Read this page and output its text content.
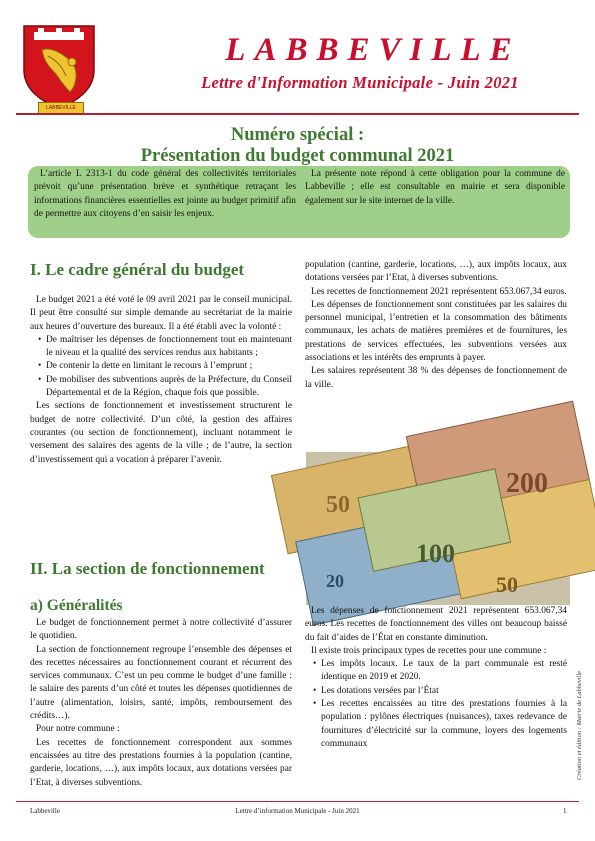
LABBEVILLE
LABBEVILLE
Lettre d'Information Municipale - Juin 2021
Numéro spécial :
Présentation du budget communal 2021

L’article L 2313-1 du code général des collectivités territoriales prévoit qu’une présentation brève et synthétique retraçant les informations financières essentielles est jointe au budget primitif afin de permettre aux citoyens d’en saisir les enjeux.

La présente note répond à cette obligation pour la commune de Labbeville ; elle est consultable en mairie et sera disponible également sur le site internet de la ville.

I. Le cadre général du budget

Le budget 2021 a été voté le 09 avril 2021 par le conseil municipal. Il peut être consulté sur simple demande au secrétariat de la mairie aux heures d’ouverture des bureaux. Il a été établi avec la volonté :

• De maîtriser les dépenses de fonctionnement tout en maintenant le niveau et la qualité des services rendus aux habitants ;
• De contenir la dette en limitant le recours à l’emprunt ;
• De mobiliser des subventions auprès de la Préfecture, du Conseil Départemental et de la Région, chaque fois que possible.

Les sections de fonctionnement et investissement structurent le budget de notre collectivité. D’un côté, la gestion des affaires courantes (ou section de fonctionnement), incluant notamment le versement des salaires des agents de la ville ; de l’autre, la section d’investissement qui a vocation à préparer l’avenir.

II. La section de fonctionnement
a) Généralités

Le budget de fonctionnement permet à notre collectivité d’assurer le quotidien.

La section de fonctionnement regroupe l’ensemble des dépenses et des recettes nécessaires au fonctionnement courant et récurrent des services communaux. C’est un peu comme le budget d’une famille : le salaire des parents d’un côté et toutes les dépenses quotidiennes de l’autre (alimentation, loisirs, santé, impôts, remboursement des crédits…).

Pour notre commune :

Les recettes de fonctionnement correspondent aux sommes encaissées au titre des prestations fournies à la population (cantine, garderie, locations, …), aux impôts locaux, aux dotations versées par l’Etat, à diverses subventions.

population (cantine, garderie, locations, …), aux impôts locaux, aux dotations versées par l’Etat, à diverses subventions.

Les recettes de fonctionnement 2021 représentent 653.067,34 euros.

Les dépenses de fonctionnement sont constituées par les salaires du personnel municipal, l’entretien et la consommation des bâtiments communaux, les achats de matières premières et de fournitures, les prestations de services effectuées, les subventions versées aux associations et les intérêts des emprunts à payer.

Les salaires représentent 38 % des dépenses de fonctionnement de la ville.

200
50
100
50
20

Les dépenses de fonctionnement 2021 représentent 653.067,34 euros. Les recettes de fonctionnement des villes ont beaucoup baissé du fait d’aides de l’État en constante diminution.

Il existe trois principaux types de recettes pour une commune :

• Les impôts locaux. Le taux de la part communale est resté identique en 2019 et 2020.
• Les dotations versées par l’État
• Les recettes encaissées au titre des prestations fournies à la population : pylônes électriques (nuisances), taxes redevance de fournitures d’électricité sur la commune, loyers des logements communaux	Création et édition : Mairie de Labbeville
Labbeville	Lettre d’information Municipale - Juin 2021	1
